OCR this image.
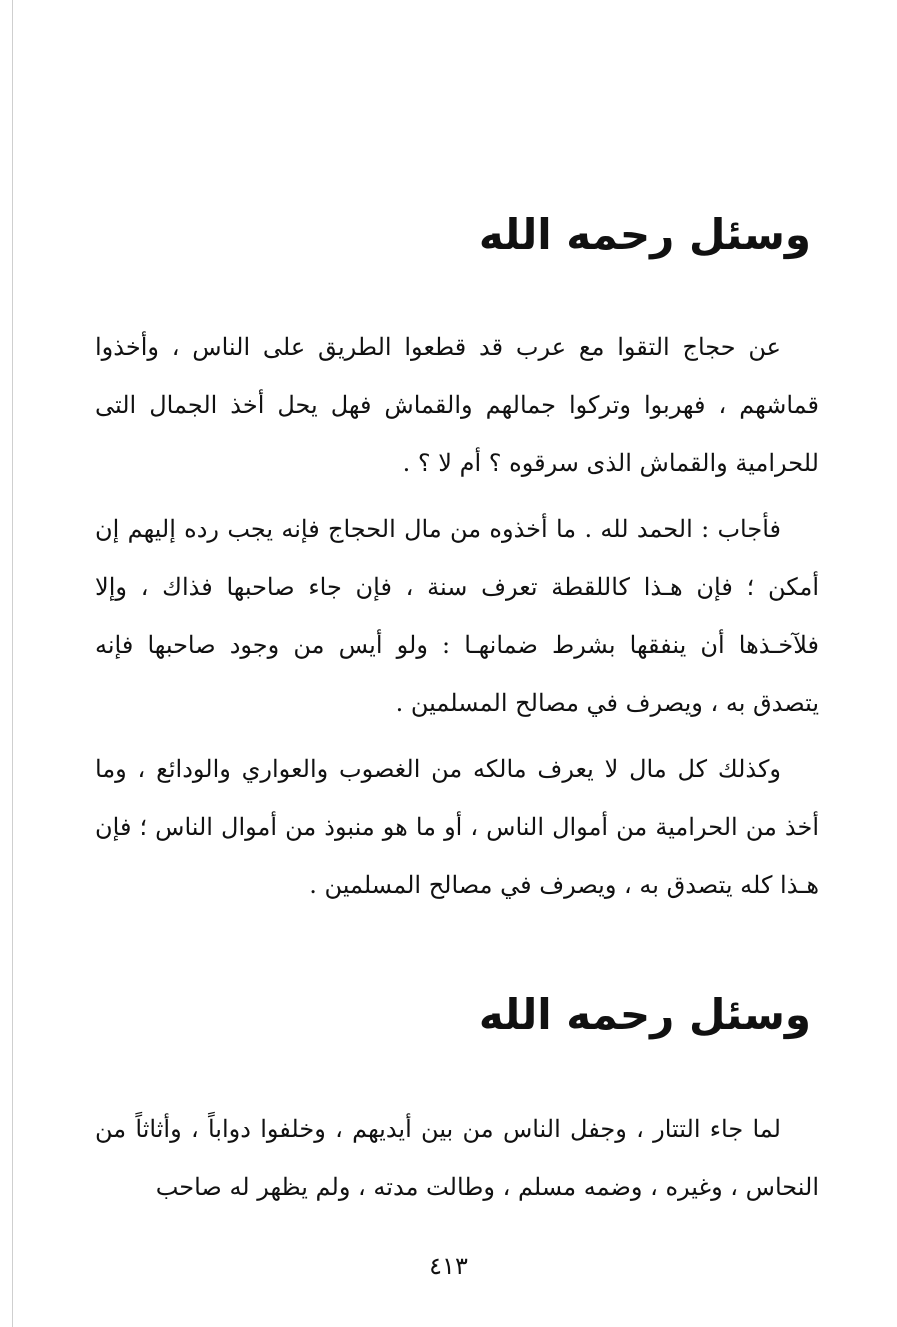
وسئل رحمه الله

عن حجاج التقوا مع عرب قد قطعوا الطريق على الناس ، وأخذوا قماشهم ، فهربوا وتركوا جمالهم والقماش فهل يحل أخذ الجمال التى للحرامية والقماش الذى سرقوه ؟ أم لا ؟ .

فأجاب : الحمد لله . ما أخذوه من مال الحجاج فإنه يجب رده إليهم إن أمكن ؛ فإن هـذا كاللقطة تعرف سنة ، فإن جاء صاحبها فذاك ، وإلا فلآخـذها أن ينفقها بشرط ضمانهـا : ولو أيس من وجود صاحبها فإنه يتصدق به ، ويصرف في مصالح المسلمين .

وكذلك كل مال لا يعرف مالكه من الغصوب والعواري والودائع ، وما أخذ من الحرامية من أموال الناس ، أو ما هو منبوذ من أموال الناس ؛ فإن هـذا كله يتصدق به ، ويصرف في مصالح المسلمين .

وسئل رحمه الله

لما جاء التتار ، وجفل الناس من بين أيديهم ، وخلفوا دواباً ، وأثاثاً من النحاس ، وغيره ، وضمه مسلم ، وطالت مدته ، ولم يظهر له صاحب

٤١٣
